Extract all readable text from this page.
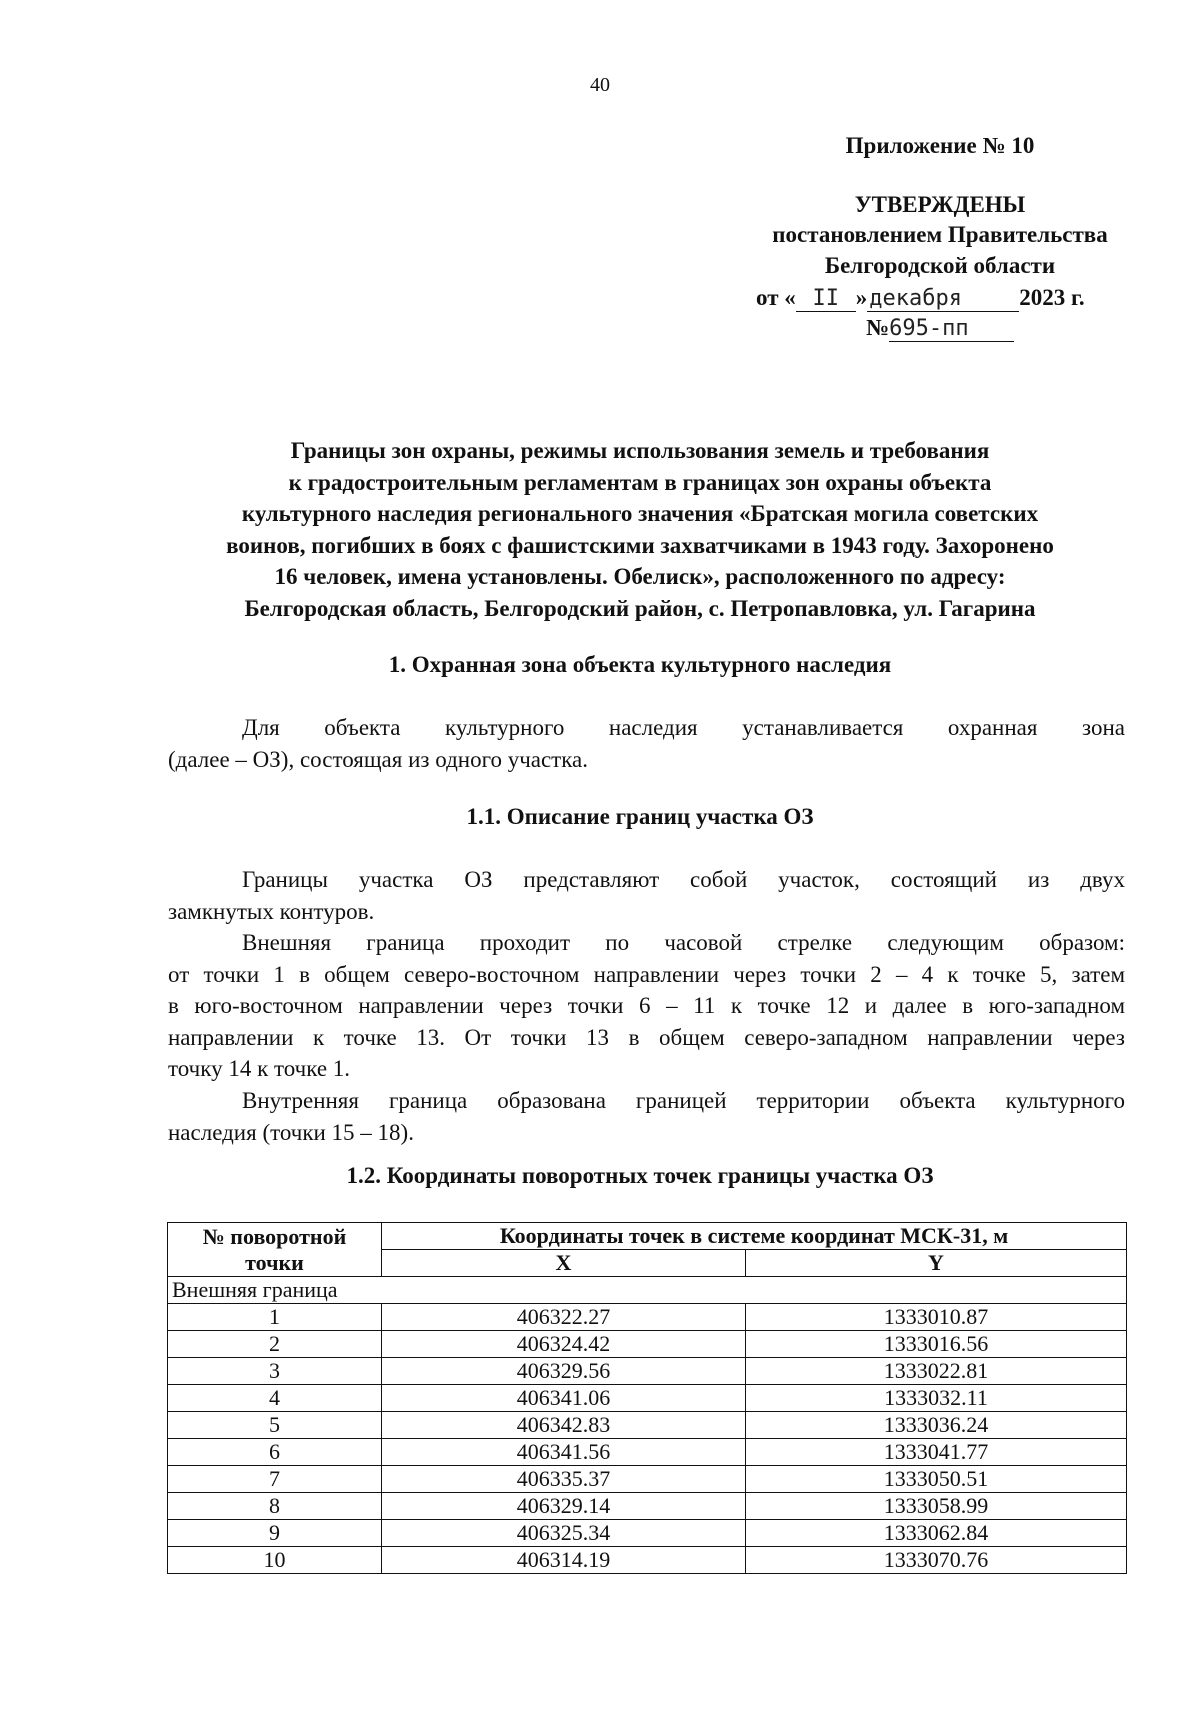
40
Приложение № 10
УТВЕРЖДЕНЫ
постановлением Правительства
Белгородской области
от « II »декабря 2023 г.
№695-пп
Границы зон охраны, режимы использования земель и требования
к градостроительным регламентам в границах зон охраны объекта
культурного наследия регионального значения «Братская могила советских
воинов, погибших в боях с фашистскими захватчиками в 1943 году. Захоронено
16 человек, имена установлены. Обелиск», расположенного по адресу:
Белгородская область, Белгородский район, с. Петропавловка, ул. Гагарина
1. Охранная зона объекта культурного наследия
Для объекта культурного наследия устанавливается охранная зона
(далее – ОЗ), состоящая из одного участка.
1.1. Описание границ участка ОЗ
Границы участка ОЗ представляют собой участок, состоящий из двух
замкнутых контуров.
Внешняя граница проходит по часовой стрелке следующим образом:
от точки 1 в общем северо-восточном направлении через точки 2 – 4 к точке 5, затем
в юго-восточном направлении через точки 6 – 11 к точке 12 и далее в юго-западном
направлении к точке 13. От точки 13 в общем северо-западном направлении через
точку 14 к точке 1.
Внутренняя граница образована границей территории объекта культурного
наследия (точки 15 – 18).
1.2. Координаты поворотных точек границы участка ОЗ
№ поворотной точки	Координаты точек в системе координат МСК-31, м	
	X	Y
Внешняя граница		
1	406322.27	1333010.87
2	406324.42	1333016.56
3	406329.56	1333022.81
4	406341.06	1333032.11
5	406342.83	1333036.24
6	406341.56	1333041.77
7	406335.37	1333050.51
8	406329.14	1333058.99
9	406325.34	1333062.84
10	406314.19	1333070.76
